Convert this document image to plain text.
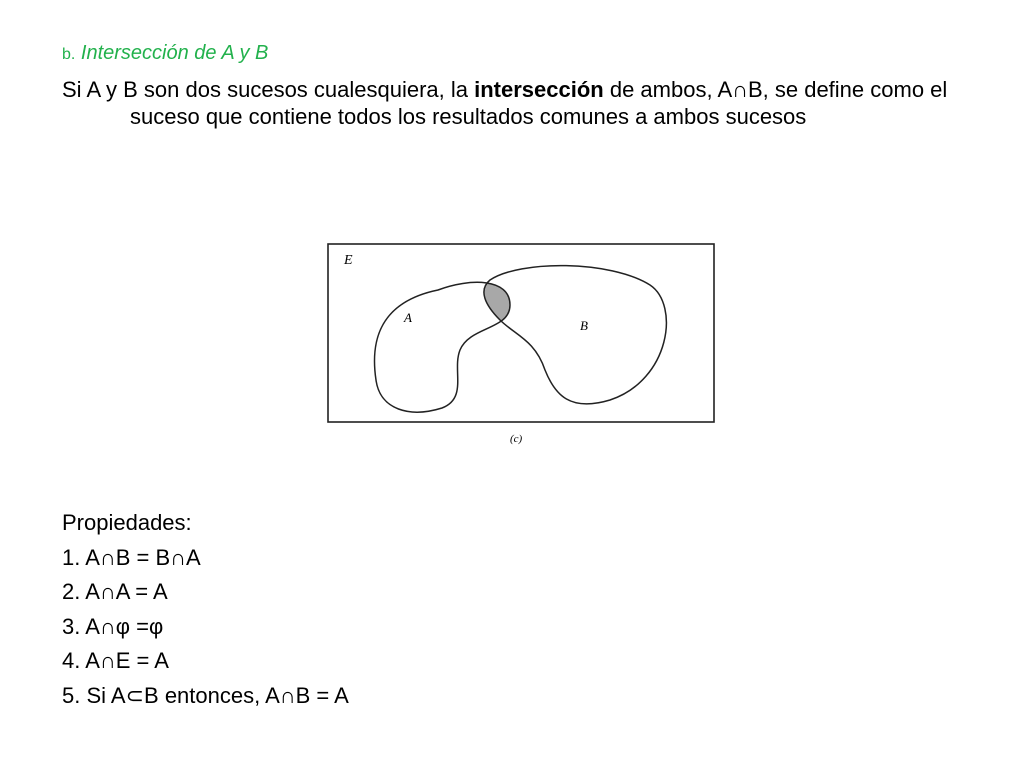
b. Intersección de A y B
Si A y B son dos sucesos cualesquiera, la intersección de ambos, A∩B, se define como el suceso que contiene todos los resultados comunes a ambos sucesos
E
A
B
(c)
Propiedades:
1. A∩B = B∩A
2. A∩A = A
3. A∩φ =φ
4. A∩E = A
5. Si A⊂B entonces, A∩B = A
